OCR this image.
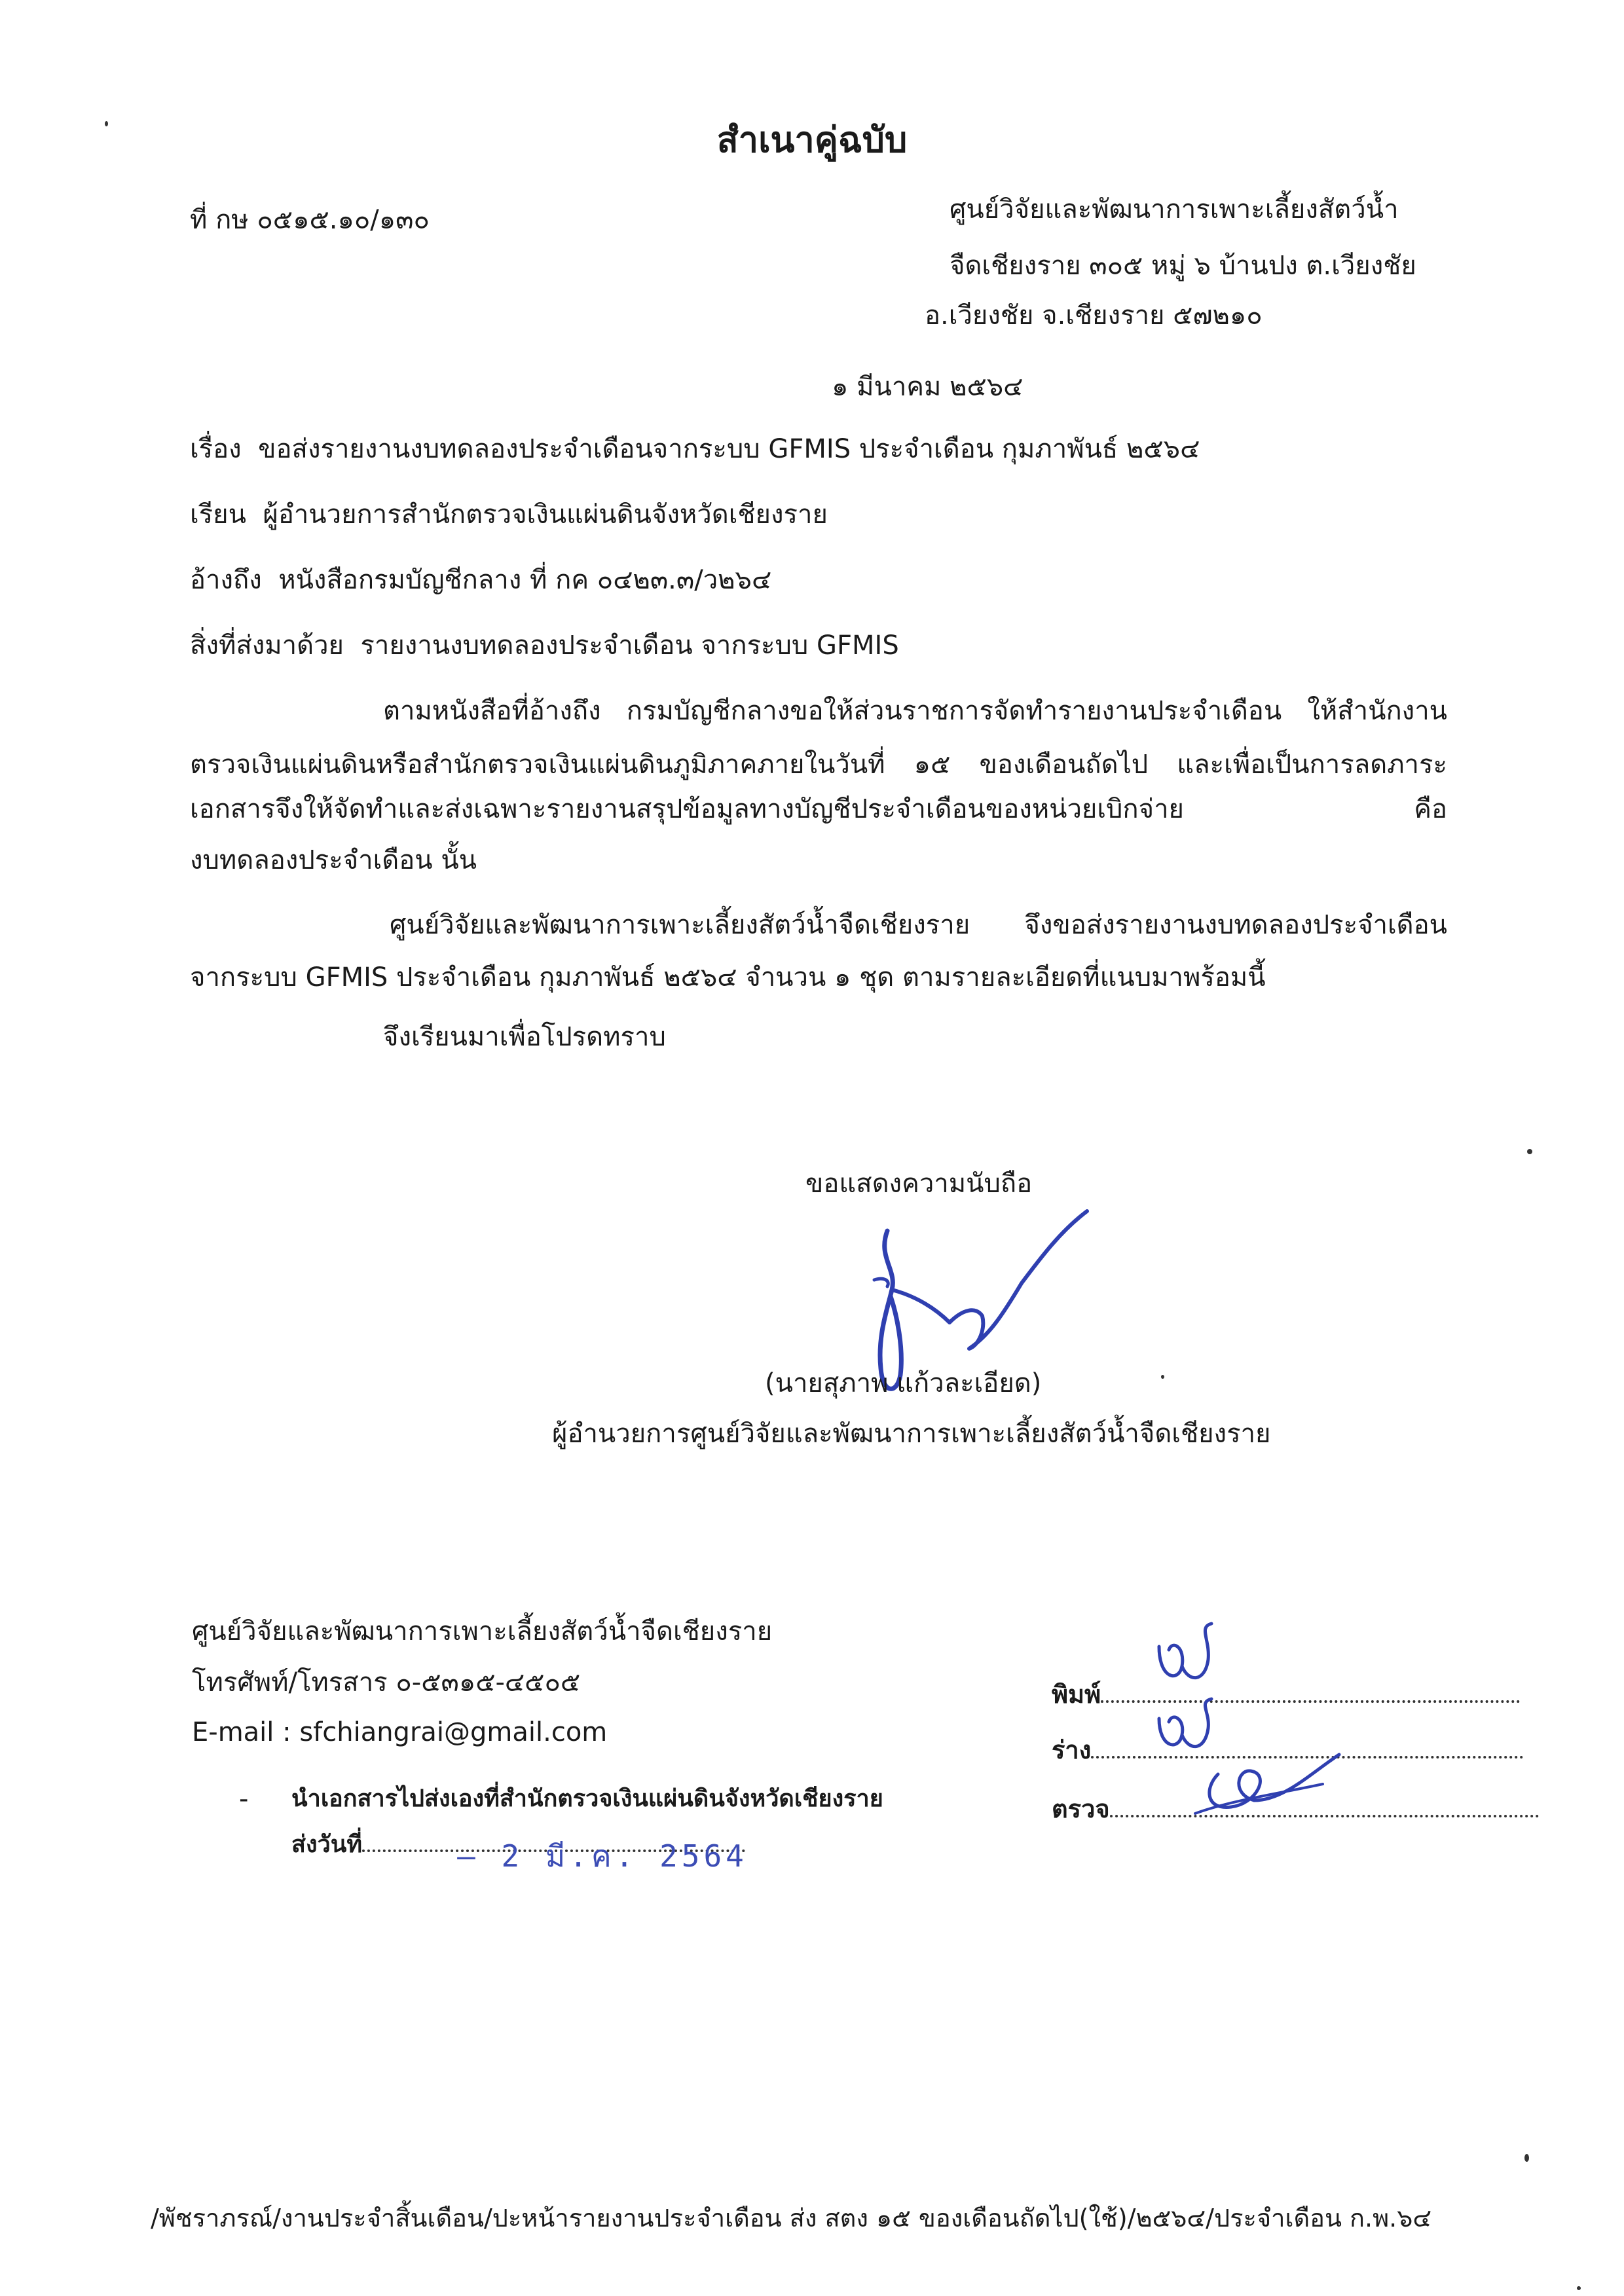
สำเนาคู่ฉบับ
ที่ กษ ๐๕๑๕.๑๐/๑๓๐	ศูนย์วิจัยและพัฒนาการเพาะเลี้ยงสัตว์น้ำ
จืดเชียงราย ๓๐๕ หมู่ ๖ บ้านปง ต.เวียงชัย
อ.เวียงชัย จ.เชียงราย ๕๗๒๑๐
๑ มีนาคม ๒๕๖๔
เรื่อง ขอส่งรายงานงบทดลองประจำเดือนจากระบบ GFMIS ประจำเดือน กุมภาพันธ์ ๒๕๖๔
เรียน ผู้อำนวยการสำนักตรวจเงินแผ่นดินจังหวัดเชียงราย
อ้างถึง หนังสือกรมบัญชีกลาง ที่ กค ๐๔๒๓.๓/ว๒๖๔
สิ่งที่ส่งมาด้วย รายงานงบทดลองประจำเดือน จากระบบ GFMIS
ตามหนังสือที่อ้างถึง กรมบัญชีกลางขอให้ส่วนราชการจัดทำรายงานประจำเดือน ให้สำนักงาน
ตรวจเงินแผ่นดินหรือสำนักตรวจเงินแผ่นดินภูมิภาคภายในวันที่ ๑๕ ของเดือนถัดไป และเพื่อเป็นการลดภาระ
เอกสารจึงให้จัดทำและส่งเฉพาะรายงานสรุปข้อมูลทางบัญชีประจำเดือนของหน่วยเบิกจ่าย คือ
งบทดลองประจำเดือน นั้น
ศูนย์วิจัยและพัฒนาการเพาะเลี้ยงสัตว์น้ำจืดเชียงราย จึงขอส่งรายงานงบทดลองประจำเดือน
จากระบบ GFMIS ประจำเดือน กุมภาพันธ์ ๒๕๖๔ จำนวน ๑ ชุด ตามรายละเอียดที่แนบมาพร้อมนี้
จึงเรียนมาเพื่อโปรดทราบ
ขอแสดงความนับถือ
(นายสุภาพ แก้วละเอียด)
ผู้อำนวยการศูนย์วิจัยและพัฒนาการเพาะเลี้ยงสัตว์น้ำจืดเชียงราย
ศูนย์วิจัยและพัฒนาการเพาะเลี้ยงสัตว์น้ำจืดเชียงราย
โทรศัพท์/โทรสาร ๐-๕๓๑๕-๔๕๐๕
E-mail : sfchiangrai@gmail.com
- นำเอกสารไปส่งเองที่สำนักตรวจเงินแผ่นดินจังหวัดเชียงราย
ส่งวันที่	– 2 มี.ค. 2564
พิมพ์
ร่าง
ตรวจ
/พัชราภรณ์/งานประจำสิ้นเดือน/ปะหน้ารายงานประจำเดือน ส่ง สตง ๑๕ ของเดือนถัดไป(ใช้)/๒๕๖๔/ประจำเดือน ก.พ.๖๔
